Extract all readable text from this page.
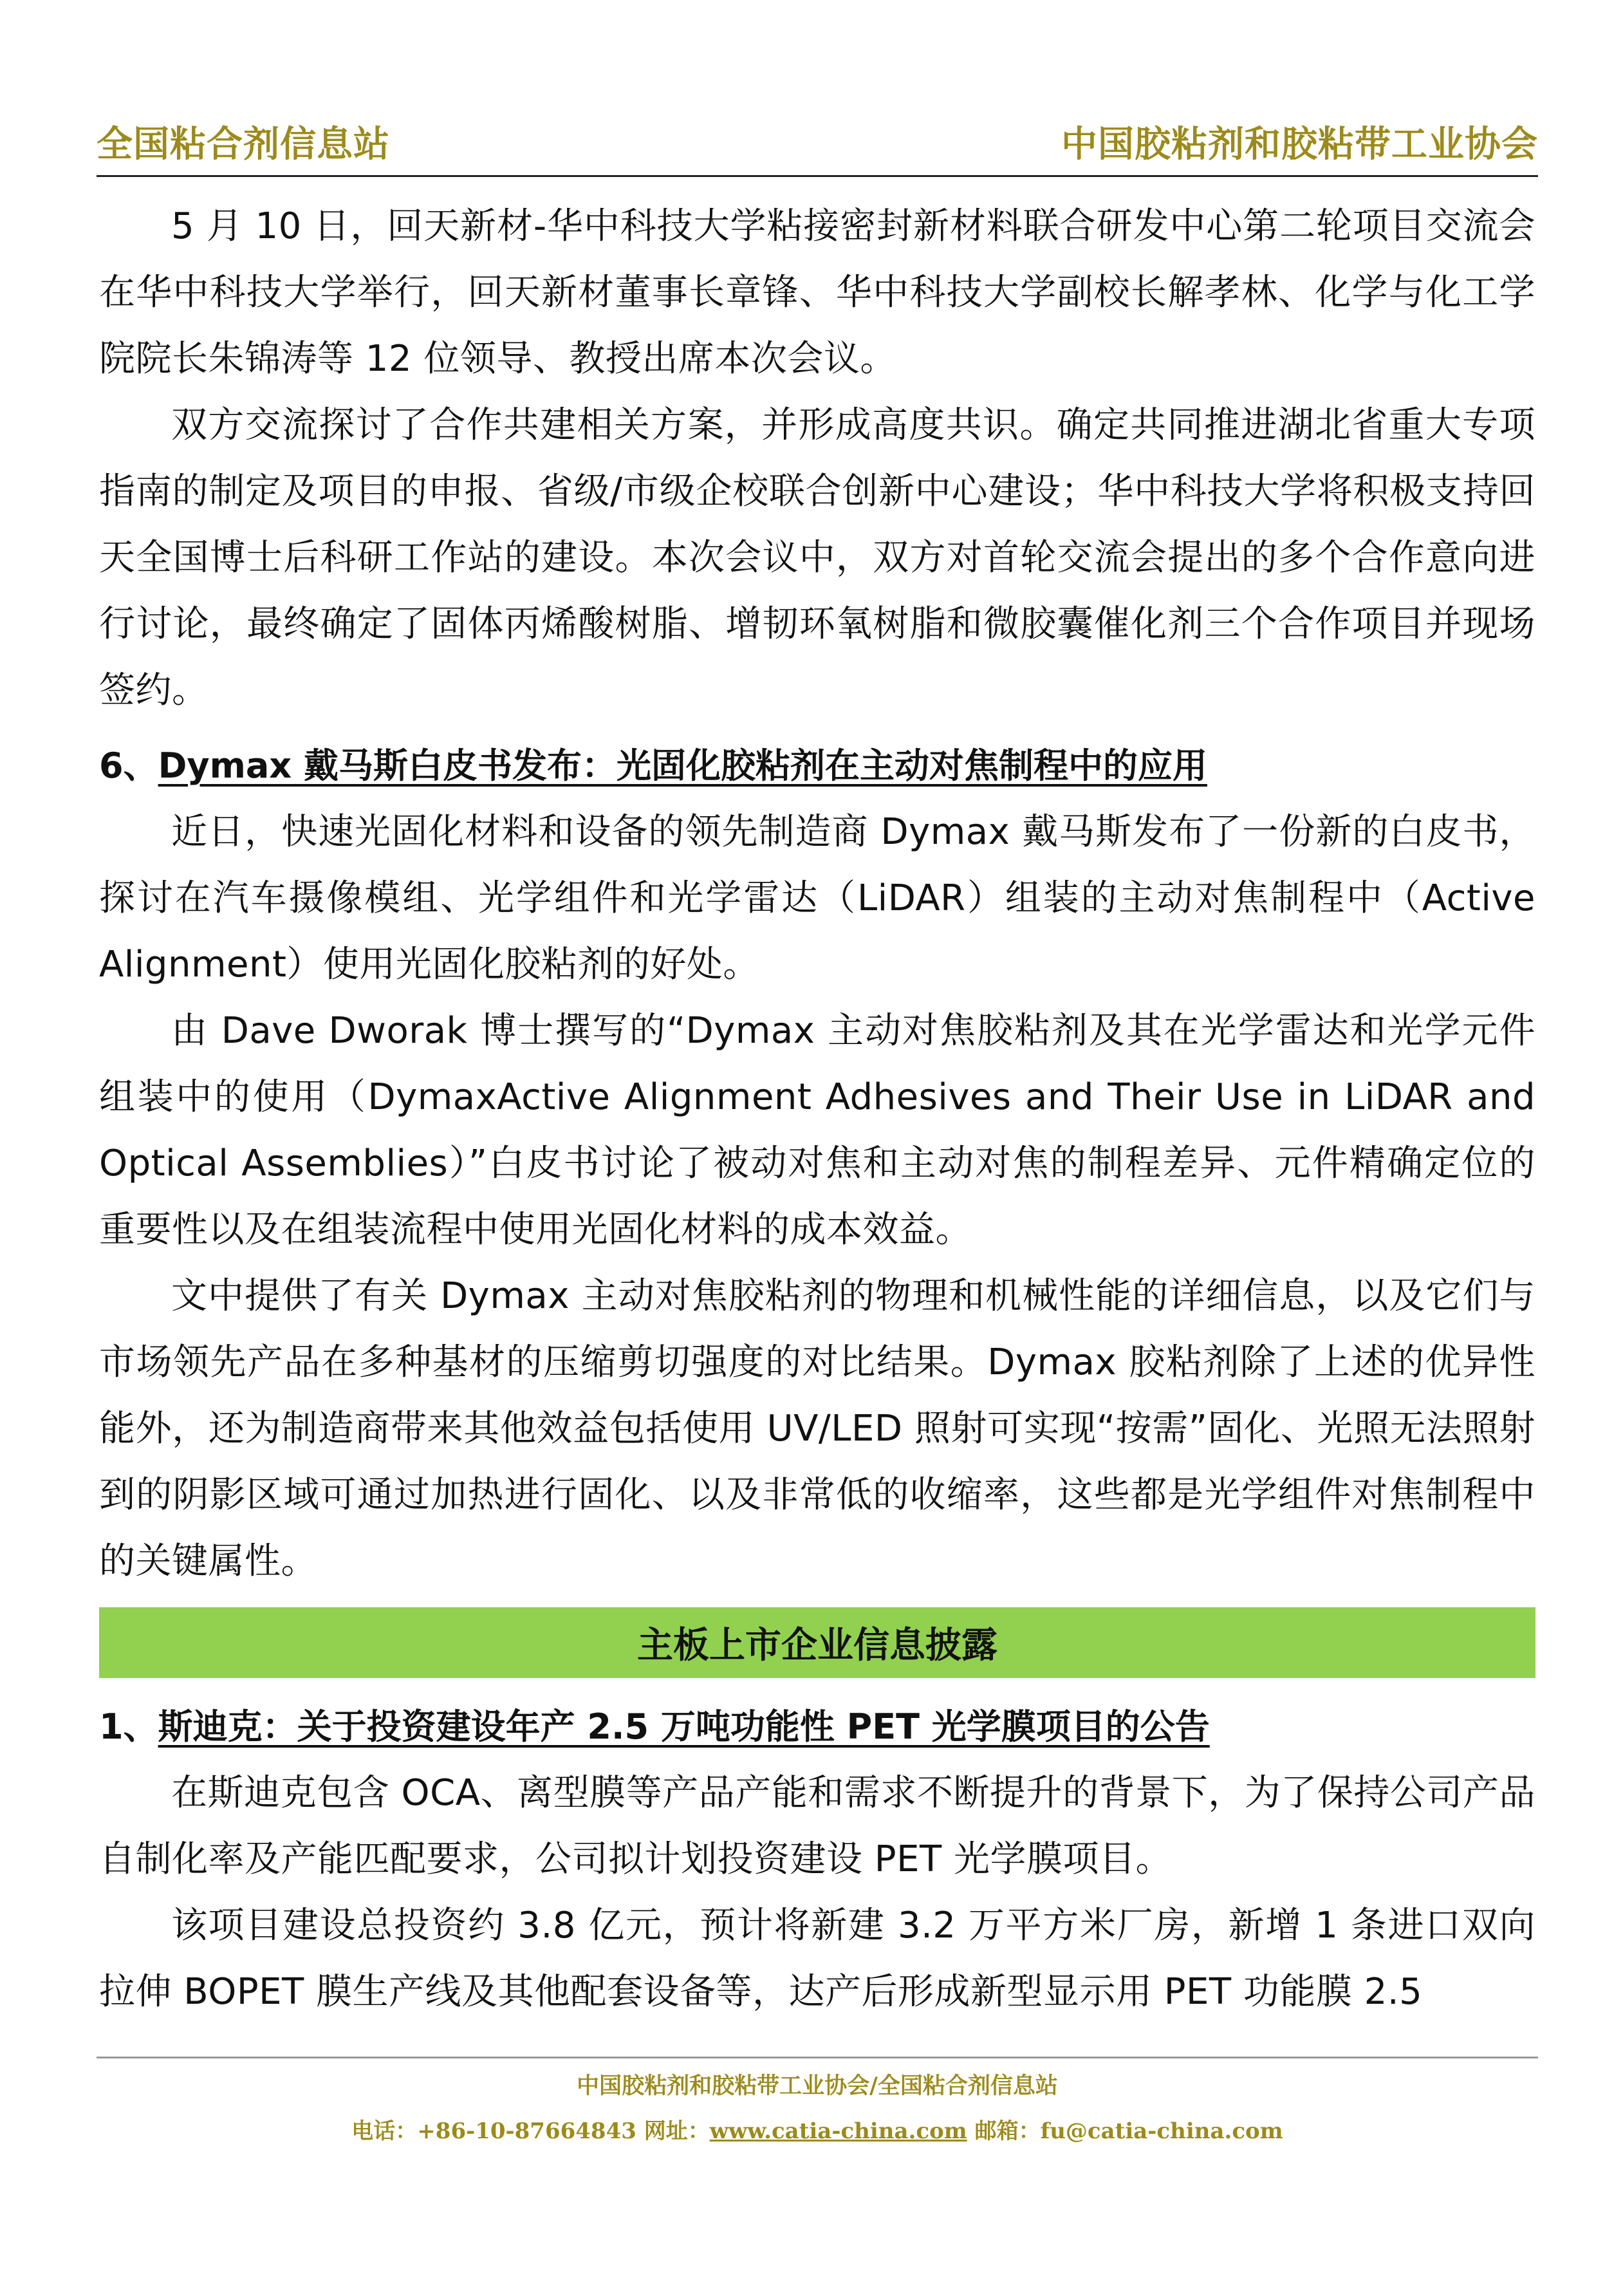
全国粘合剂信息站	中国胶粘剂和胶粘带工业协会

5 月 10 日，回天新材-华中科技大学粘接密封新材料联合研发中心第二轮项目交流会在华中科技大学举行，回天新材董事长章锋、华中科技大学副校长解孝林、化学与化工学院院长朱锦涛等 12 位领导、教授出席本次会议。

双方交流探讨了合作共建相关方案，并形成高度共识。确定共同推进湖北省重大专项指南的制定及项目的申报、省级/市级企校联合创新中心建设；华中科技大学将积极支持回天全国博士后科研工作站的建设。本次会议中，双方对首轮交流会提出的多个合作意向进行讨论，最终确定了固体丙烯酸树脂、增韧环氧树脂和微胶囊催化剂三个合作项目并现场签约。

6、Dymax 戴马斯白皮书发布：光固化胶粘剂在主动对焦制程中的应用

近日，快速光固化材料和设备的领先制造商 Dymax 戴马斯发布了一份新的白皮书，探讨在汽车摄像模组、光学组件和光学雷达（LiDAR）组装的主动对焦制程中（Active Alignment）使用光固化胶粘剂的好处。

由 Dave Dworak 博士撰写的“Dymax 主动对焦胶粘剂及其在光学雷达和光学元件组装中的使用（DymaxActive Alignment Adhesives and Their Use in LiDAR and Optical Assemblies）”白皮书讨论了被动对焦和主动对焦的制程差异、元件精确定位的重要性以及在组装流程中使用光固化材料的成本效益。

文中提供了有关 Dymax 主动对焦胶粘剂的物理和机械性能的详细信息，以及它们与市场领先产品在多种基材的压缩剪切强度的对比结果。Dymax 胶粘剂除了上述的优异性能外，还为制造商带来其他效益包括使用 UV/LED 照射可实现“按需”固化、光照无法照射到的阴影区域可通过加热进行固化、以及非常低的收缩率，这些都是光学组件对焦制程中的关键属性。

主板上市企业信息披露
1、斯迪克：关于投资建设年产 2.5 万吨功能性 PET 光学膜项目的公告

在斯迪克包含 OCA、离型膜等产品产能和需求不断提升的背景下，为了保持公司产品自制化率及产能匹配要求，公司拟计划投资建设 PET 光学膜项目。

该项目建设总投资约 3.8 亿元，预计将新建 3.2 万平方米厂房，新增 1 条进口双向拉伸 BOPET 膜生产线及其他配套设备等，达产后形成新型显示用 PET 功能膜 2.5

中国胶粘剂和胶粘带工业协会/全国粘合剂信息站
电话：+86-10-87664843 网址：www.catia-china.com 邮箱：fu@catia-china.com
